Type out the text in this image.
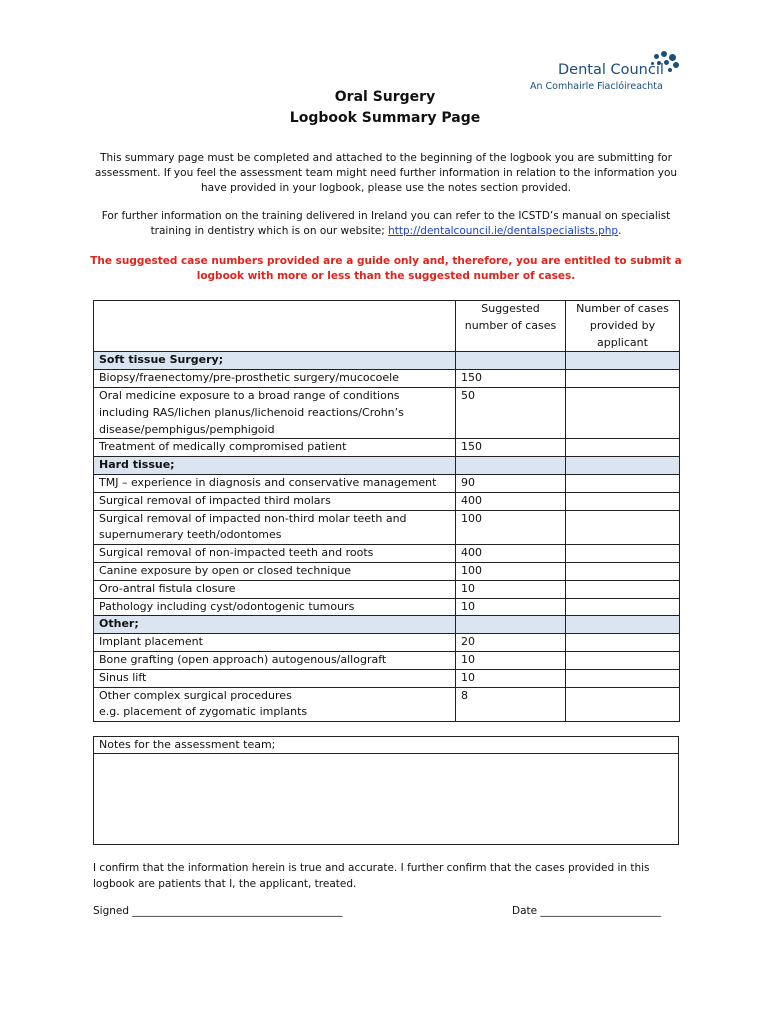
Dental Council
An Comhairle Fiaclóireachta
Oral Surgery
Logbook Summary Page
This summary page must be completed and attached to the beginning of the logbook you are submitting for assessment. If you feel the assessment team might need further information in relation to the information you have provided in your logbook, please use the notes section provided.
For further information on the training delivered in Ireland you can refer to the ICSTD’s manual on specialist training in dentistry which is on our website; http://dentalcouncil.ie/dentalspecialists.php.
The suggested case numbers provided are a guide only and, therefore, you are entitled to submit a logbook with more or less than the suggested number of cases.
	Suggested number of cases	Number of cases provided by applicant
Soft tissue Surgery;		
Biopsy/fraenectomy/pre-prosthetic surgery/mucocoele	150	
Oral medicine exposure to a broad range of conditions including RAS/lichen planus/lichenoid reactions/Crohn’s disease/pemphigus/pemphigoid	50	
Treatment of medically compromised patient	150	
Hard tissue;		
TMJ – experience in diagnosis and conservative management	90	
Surgical removal of impacted third molars	400	
Surgical removal of impacted non-third molar teeth and supernumerary teeth/odontomes	100	
Surgical removal of non-impacted teeth and roots	400	
Canine exposure by open or closed technique	100	
Oro-antral fistula closure	10	
Pathology including cyst/odontogenic tumours	10	
Other;		
Implant placement	20	
Bone grafting (open approach) autogenous/allograft	10	
Sinus lift	10	
Other complex surgical procedures
e.g. placement of zygomatic implants	8	
Notes for the assessment team;

I confirm that the information herein is true and accurate. I further confirm that the cases provided in this logbook are patients that I, the applicant, treated.
Signed ________________________________________	Date _______________________
